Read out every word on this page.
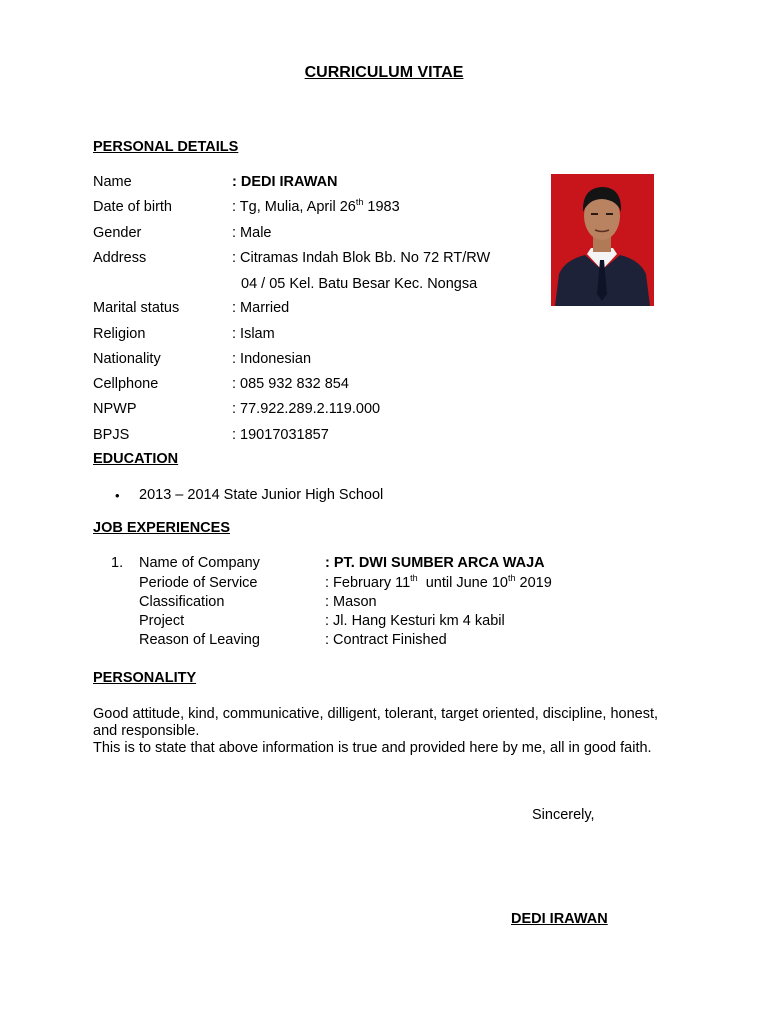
CURRICULUM VITAE
PERSONAL DETAILS
Name	: DEDI IRAWAN
Date of birth	: Tg, Mulia, April 26th 1983
Gender	: Male
Address	: Citramas Indah Blok Bb. No 72 RT/RW
04 / 05 Kel. Batu Besar Kec. Nongsa
Marital status	: Married
Religion	: Islam
Nationality	: Indonesian
Cellphone	: 085 932 832 854
NPWP	: 77.922.289.2.119.000
BPJS	: 19017031857
EDUCATION
• 2013 – 2014 State Junior High School
JOB EXPERIENCES
1. Name of Company	: PT. DWI SUMBER ARCA WAJA
Periode of Service	: February 11th  until June 10th 2019
Classification	: Mason
Project	: Jl. Hang Kesturi km 4 kabil
Reason of Leaving	: Contract Finished
PERSONALITY
Good attitude, kind, communicative, dilligent, tolerant, target oriented, discipline, honest, and responsible.
This is to state that above information is true and provided here by me, all in good faith.
Sincerely,
DEDI IRAWAN
